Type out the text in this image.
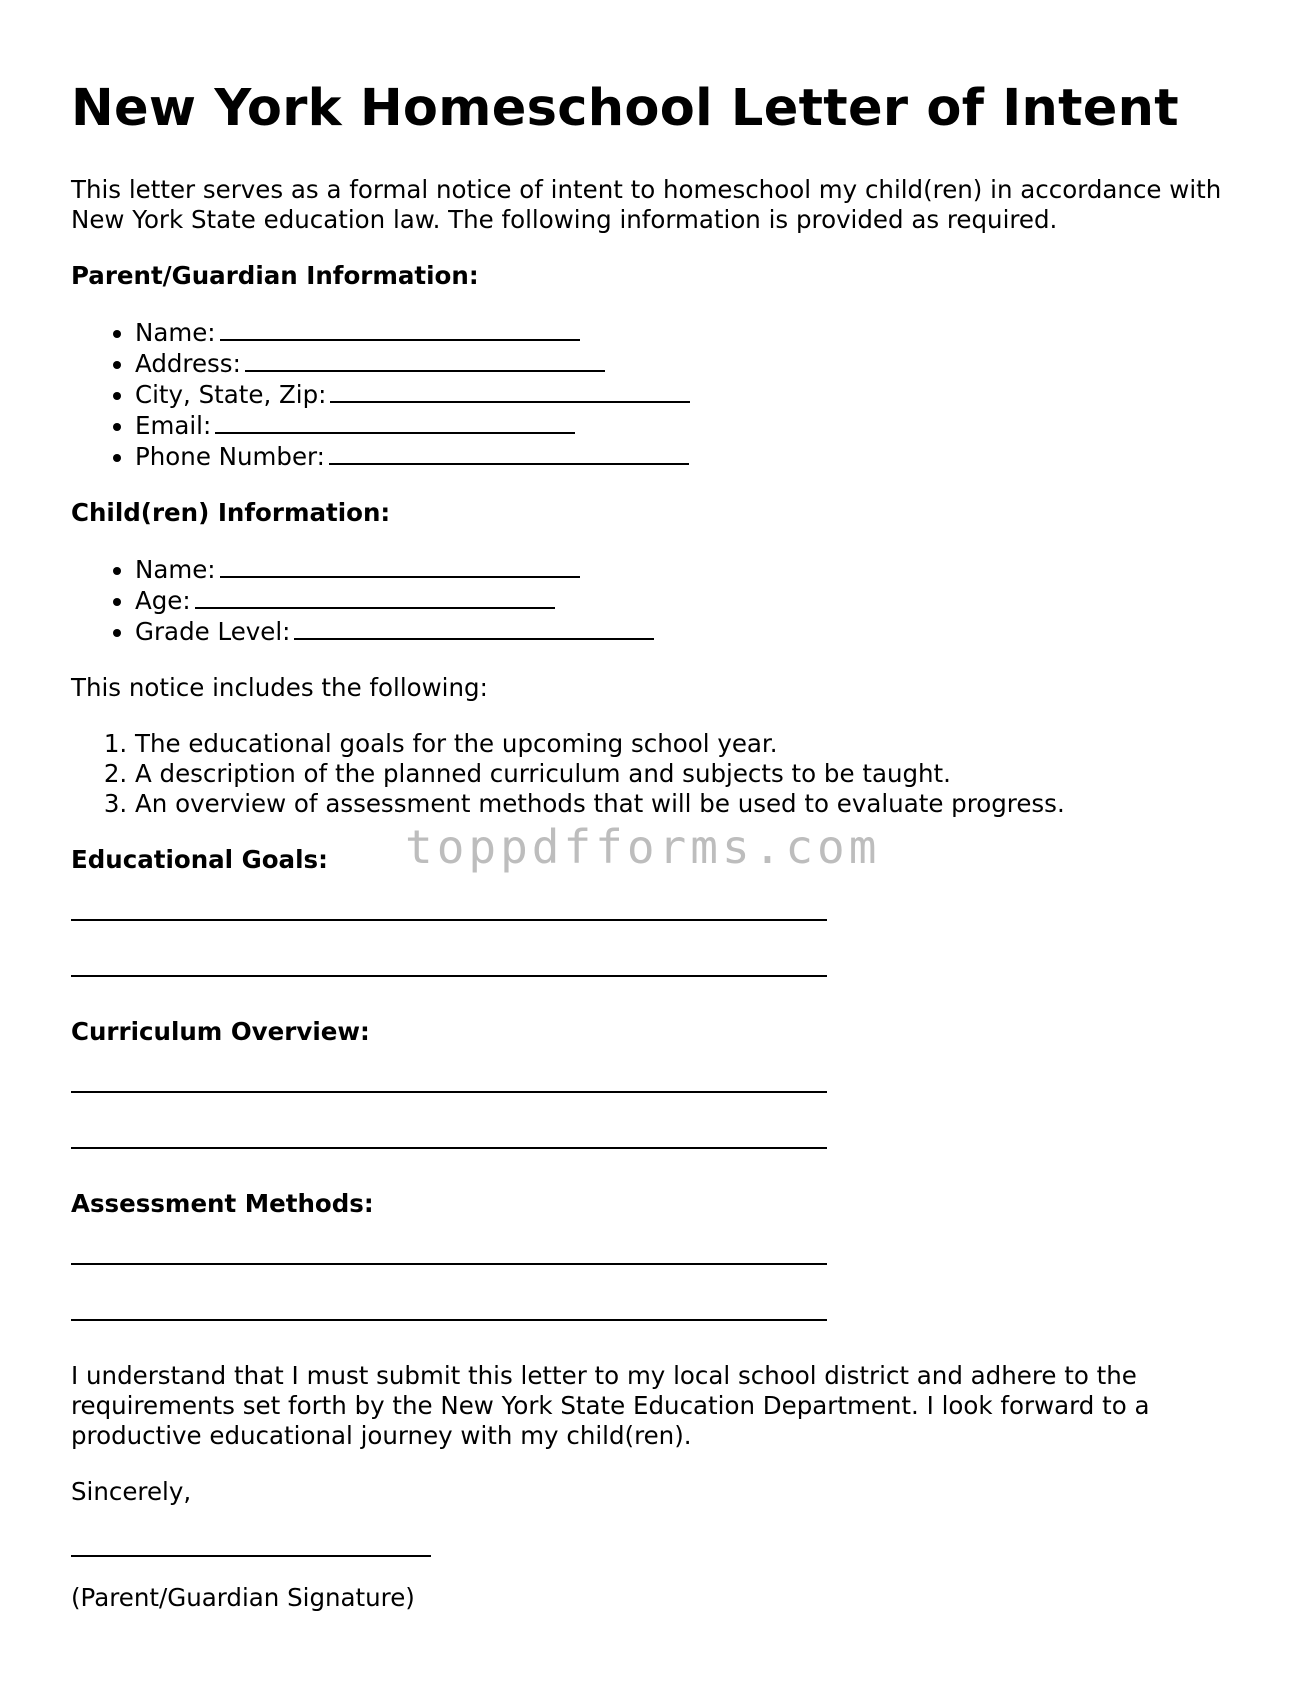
New York Homeschool Letter of Intent

This letter serves as a formal notice of intent to homeschool my child(ren) in accordance with New York State education law. The following information is provided as required.

Parent/Guardian Information:
• Name:
• Address:
• City, State, Zip:
• Email:
• Phone Number:
Child(ren) Information:
• Name:
• Age:
• Grade Level:

This notice includes the following:

1. The educational goals for the upcoming school year.
2. A description of the planned curriculum and subjects to be taught.
3. An overview of assessment methods that will be used to evaluate progress.
Educational Goals:
Curriculum Overview:
Assessment Methods:

I understand that I must submit this letter to my local school district and adhere to the requirements set forth by the New York State Education Department. I look forward to a productive educational journey with my child(ren).

Sincerely,

(Parent/Guardian Signature)

toppdfforms.com
